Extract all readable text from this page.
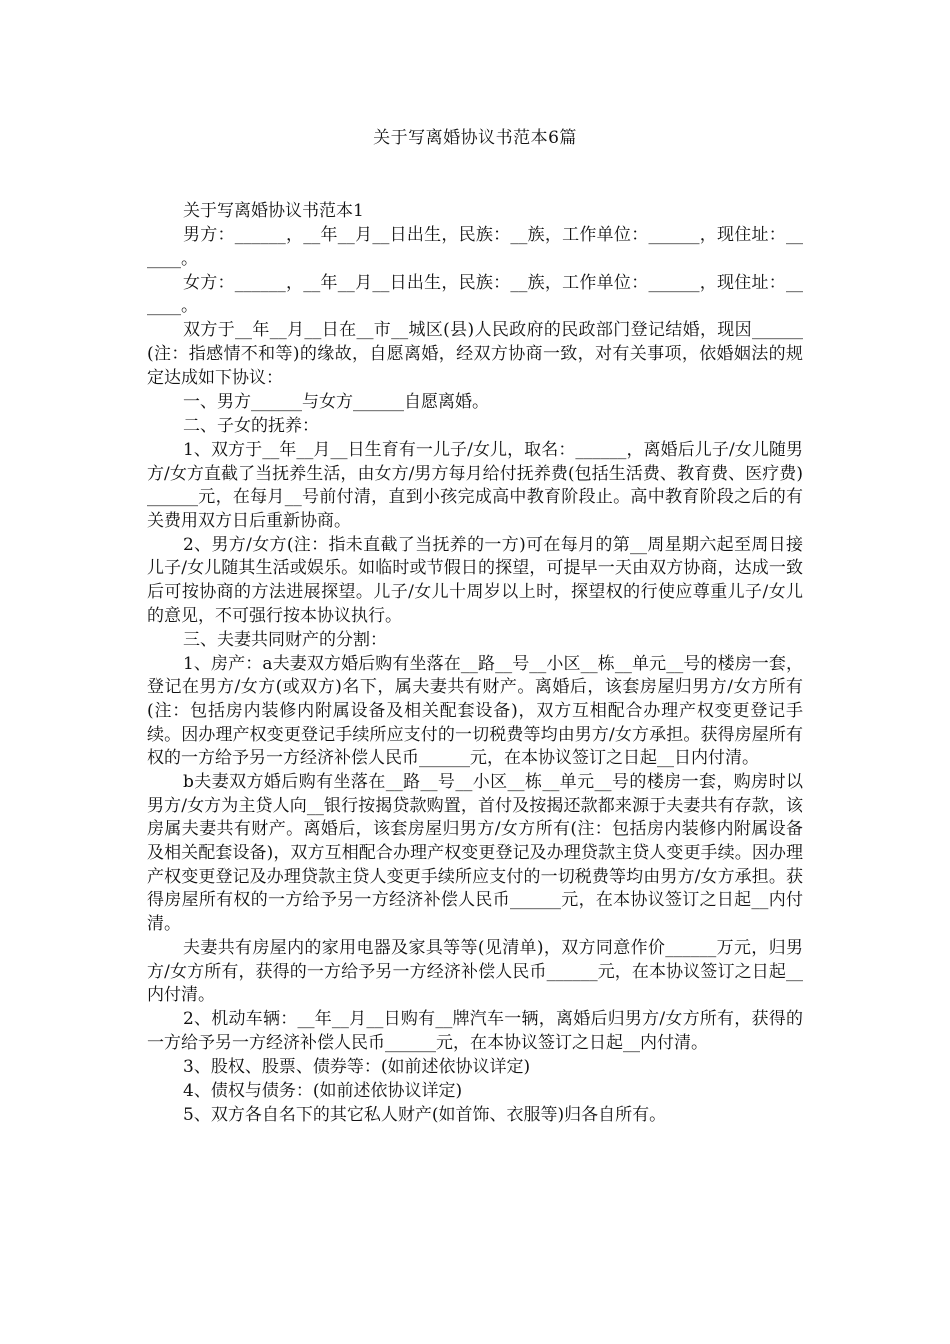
关于写离婚协议书范本6篇

关于写离婚协议书范本1

男方：______，__年__月__日出生，民族：__族，工作单位：______，现住址：______。

女方：______，__年__月__日出生，民族：__族，工作单位：______，现住址：______。

双方于__年__月__日在__市__城区(县)人民政府的民政部门登记结婚，现因______(注：指感情不和等)的缘故，自愿离婚，经双方协商一致，对有关事项，依婚姻法的规定达成如下协议：

一、男方______与女方______自愿离婚。

二、子女的抚养：

1、双方于__年__月__日生育有一儿子/女儿，取名：______，离婚后儿子/女儿随男方/女方直截了当抚养生活，由女方/男方每月给付抚养费(包括生活费、教育费、医疗费)______元，在每月__号前付清，直到小孩完成高中教育阶段止。高中教育阶段之后的有关费用双方日后重新协商。

2、男方/女方(注：指未直截了当抚养的一方)可在每月的第__周星期六起至周日接儿子/女儿随其生活或娱乐。如临时或节假日的探望，可提早一天由双方协商，达成一致后可按协商的方法进展探望。儿子/女儿十周岁以上时，探望权的行使应尊重儿子/女儿的意见，不可强行按本协议执行。

三、夫妻共同财产的分割：

1、房产：a夫妻双方婚后购有坐落在__路__号__小区__栋__单元__号的楼房一套，登记在男方/女方(或双方)名下，属夫妻共有财产。离婚后，该套房屋归男方/女方所有(注：包括房内装修内附属设备及相关配套设备)，双方互相配合办理产权变更登记手续。因办理产权变更登记手续所应支付的一切税费等均由男方/女方承担。获得房屋所有权的一方给予另一方经济补偿人民币______元，在本协议签订之日起__日内付清。

b夫妻双方婚后购有坐落在__路__号__小区__栋__单元__号的楼房一套，购房时以男方/女方为主贷人向__银行按揭贷款购置，首付及按揭还款都来源于夫妻共有存款，该房属夫妻共有财产。离婚后，该套房屋归男方/女方所有(注：包括房内装修内附属设备及相关配套设备)，双方互相配合办理产权变更登记及办理贷款主贷人变更手续。因办理产权变更登记及办理贷款主贷人变更手续所应支付的一切税费等均由男方/女方承担。获得房屋所有权的一方给予另一方经济补偿人民币______元，在本协议签订之日起__内付清。

夫妻共有房屋内的家用电器及家具等等(见清单)，双方同意作价______万元，归男方/女方所有，获得的一方给予另一方经济补偿人民币______元，在本协议签订之日起__内付清。

2、机动车辆：__年__月__日购有__牌汽车一辆，离婚后归男方/女方所有，获得的一方给予另一方经济补偿人民币______元，在本协议签订之日起__内付清。

3、股权、股票、债券等：(如前述依协议详定)

4、债权与债务：(如前述依协议详定)

5、双方各自名下的其它私人财产(如首饰、衣服等)归各自所有。
